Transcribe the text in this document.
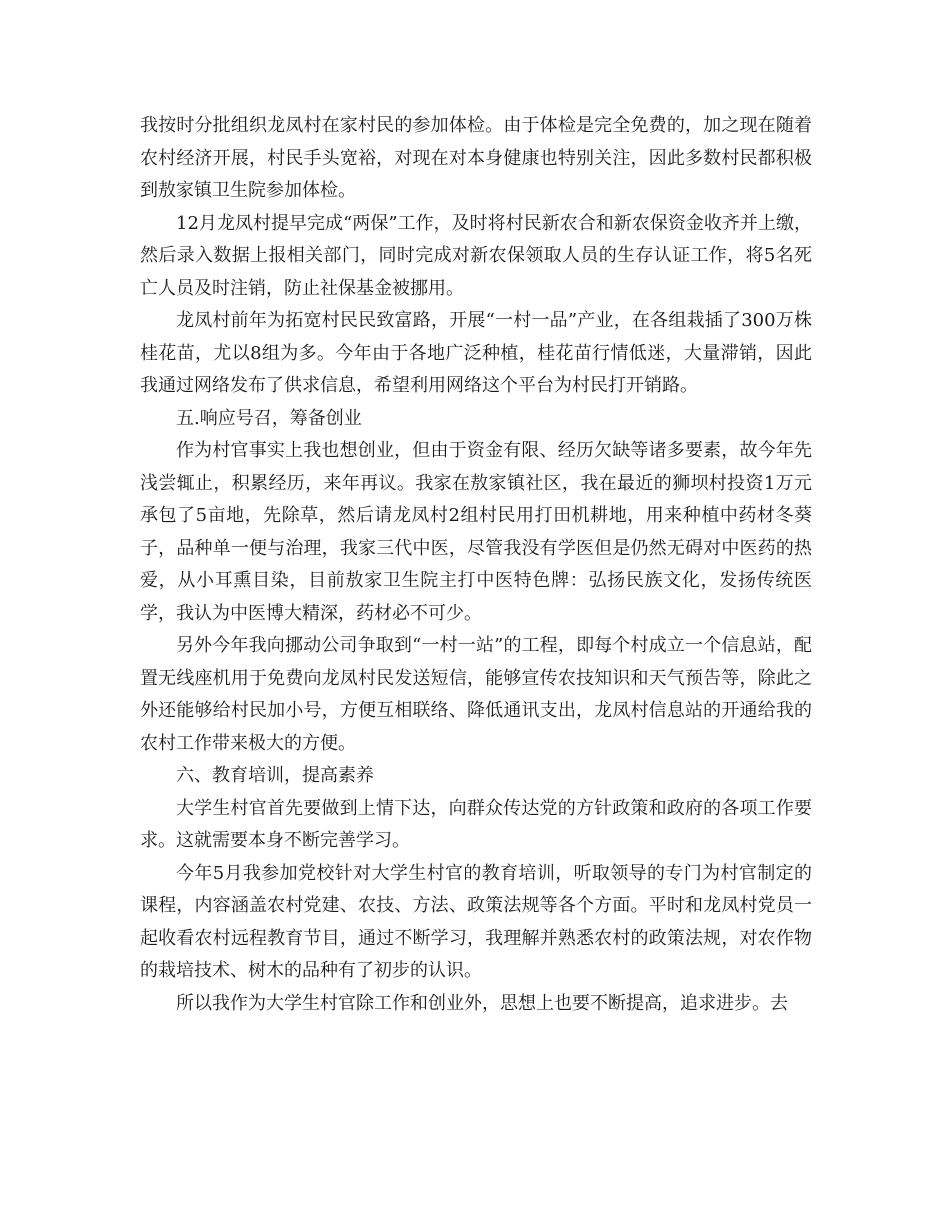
我按时分批组织龙凤村在家村民的参加体检。由于体检是完全免费的，加之现在随着农村经济开展，村民手头宽裕，对现在对本身健康也特别关注，因此多数村民都积极到敖家镇卫生院参加体检。

12月龙凤村提早完成“两保”工作，及时将村民新农合和新农保资金收齐并上缴，然后录入数据上报相关部门，同时完成对新农保领取人员的生存认证工作，将5名死亡人员及时注销，防止社保基金被挪用。

龙凤村前年为拓宽村民民致富路，开展“一村一品”产业，在各组栽插了300万株桂花苗，尤以8组为多。今年由于各地广泛种植，桂花苗行情低迷，大量滞销，因此我通过网络发布了供求信息，希望利用网络这个平台为村民打开销路。

五.响应号召，筹备创业

作为村官事实上我也想创业，但由于资金有限、经历欠缺等诸多要素，故今年先浅尝辄止，积累经历，来年再议。我家在敖家镇社区，我在最近的狮坝村投资1万元承包了5亩地，先除草，然后请龙凤村2组村民用打田机耕地，用来种植中药材冬葵子，品种单一便与治理，我家三代中医，尽管我没有学医但是仍然无碍对中医药的热爱，从小耳熏目染，目前敖家卫生院主打中医特色牌：弘扬民族文化，发扬传统医学，我认为中医博大精深，药材必不可少。

另外今年我向挪动公司争取到“一村一站”的工程，即每个村成立一个信息站，配置无线座机用于免费向龙凤村民发送短信，能够宣传农技知识和天气预告等，除此之外还能够给村民加小号，方便互相联络、降低通讯支出，龙凤村信息站的开通给我的农村工作带来极大的方便。

六、教育培训，提高素养

大学生村官首先要做到上情下达，向群众传达党的方针政策和政府的各项工作要求。这就需要本身不断完善学习。

今年5月我参加党校针对大学生村官的教育培训，听取领导的专门为村官制定的课程，内容涵盖农村党建、农技、方法、政策法规等各个方面。平时和龙凤村党员一起收看农村远程教育节目，通过不断学习，我理解并熟悉农村的政策法规，对农作物的栽培技术、树木的品种有了初步的认识。

所以我作为大学生村官除工作和创业外，思想上也要不断提高，追求进步。去
